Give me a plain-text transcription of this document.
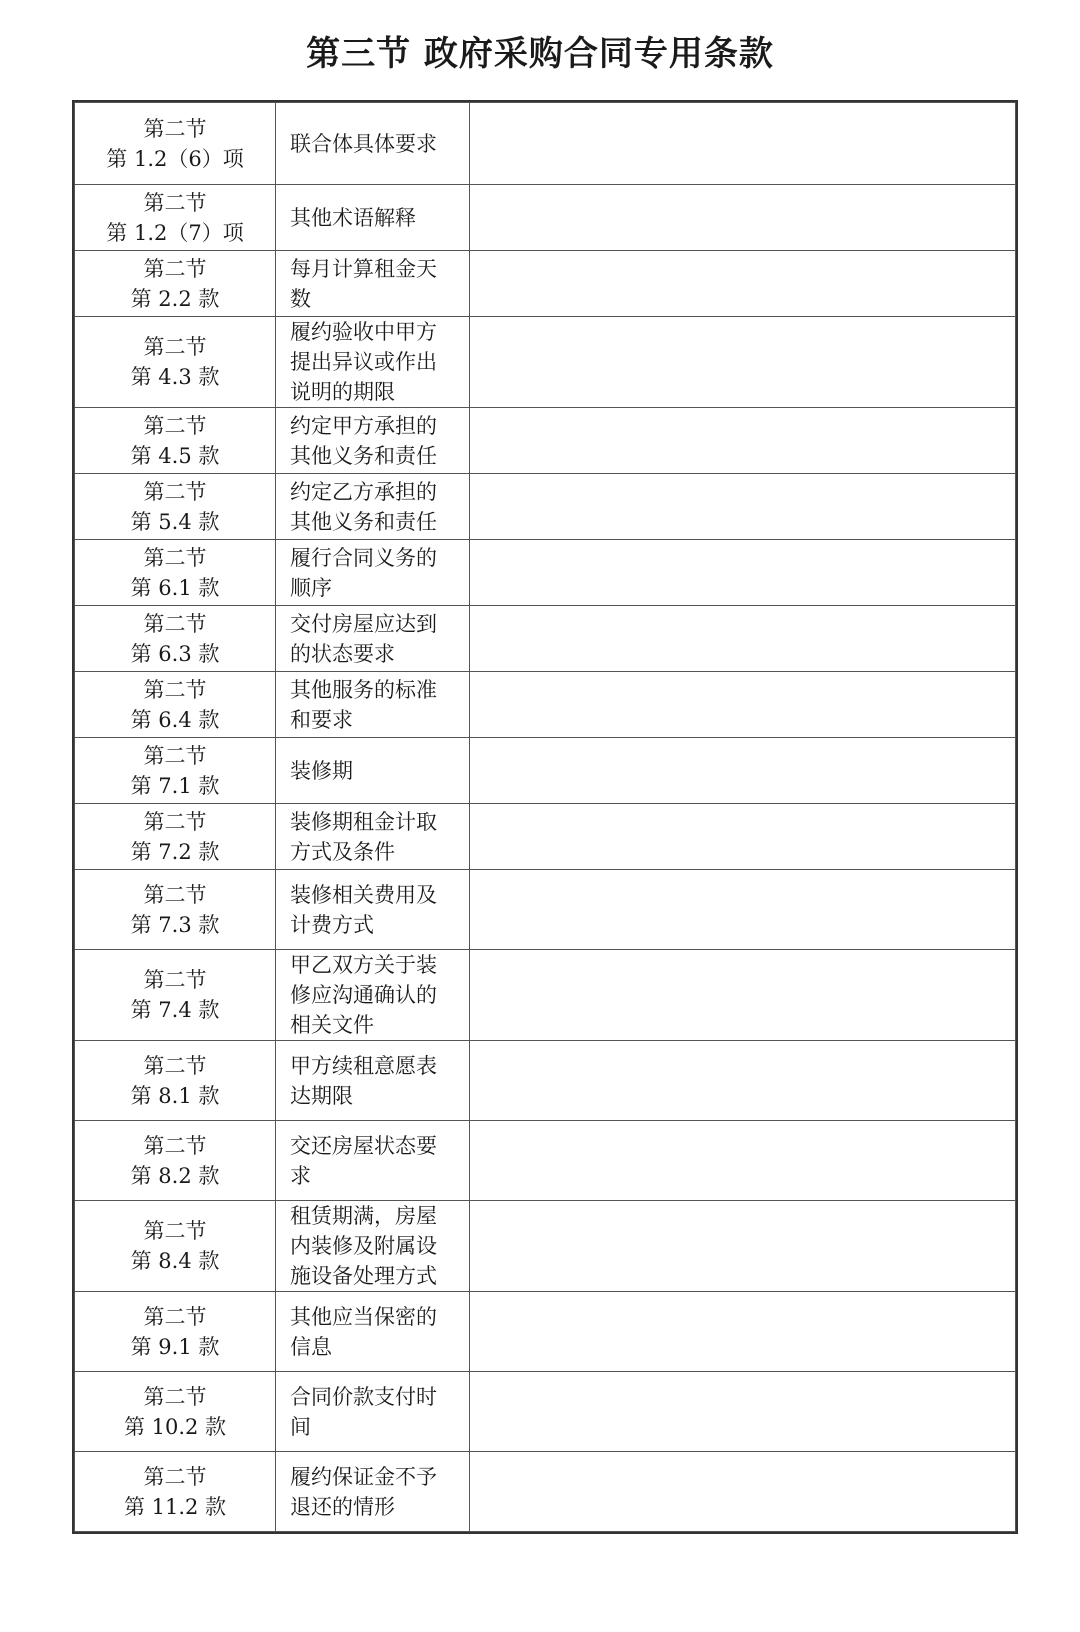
第三节 政府采购合同专用条款
第二节
第 1.2（6）项	联合体具体要求	

第二节
第 1.2（7）项	其他术语解释	

第二节
第 2.2 款	每月计算租金天数	

第二节
第 4.3 款	履约验收中甲方提出异议或作出说明的期限	

第二节
第 4.5 款	约定甲方承担的其他义务和责任	

第二节
第 5.4 款	约定乙方承担的其他义务和责任	

第二节
第 6.1 款	履行合同义务的顺序	

第二节
第 6.3 款	交付房屋应达到的状态要求	

第二节
第 6.4 款	其他服务的标准和要求	

第二节
第 7.1 款	装修期	

第二节
第 7.2 款	装修期租金计取方式及条件	

第二节
第 7.3 款	装修相关费用及计费方式	

第二节
第 7.4 款	甲乙双方关于装修应沟通确认的相关文件	

第二节
第 8.1 款	甲方续租意愿表达期限	

第二节
第 8.2 款	交还房屋状态要求	

第二节
第 8.4 款	租赁期满，房屋内装修及附属设施设备处理方式	

第二节
第 9.1 款	其他应当保密的信息	

第二节
第 10.2 款	合同价款支付时间	

第二节
第 11.2 款	履约保证金不予退还的情形	
